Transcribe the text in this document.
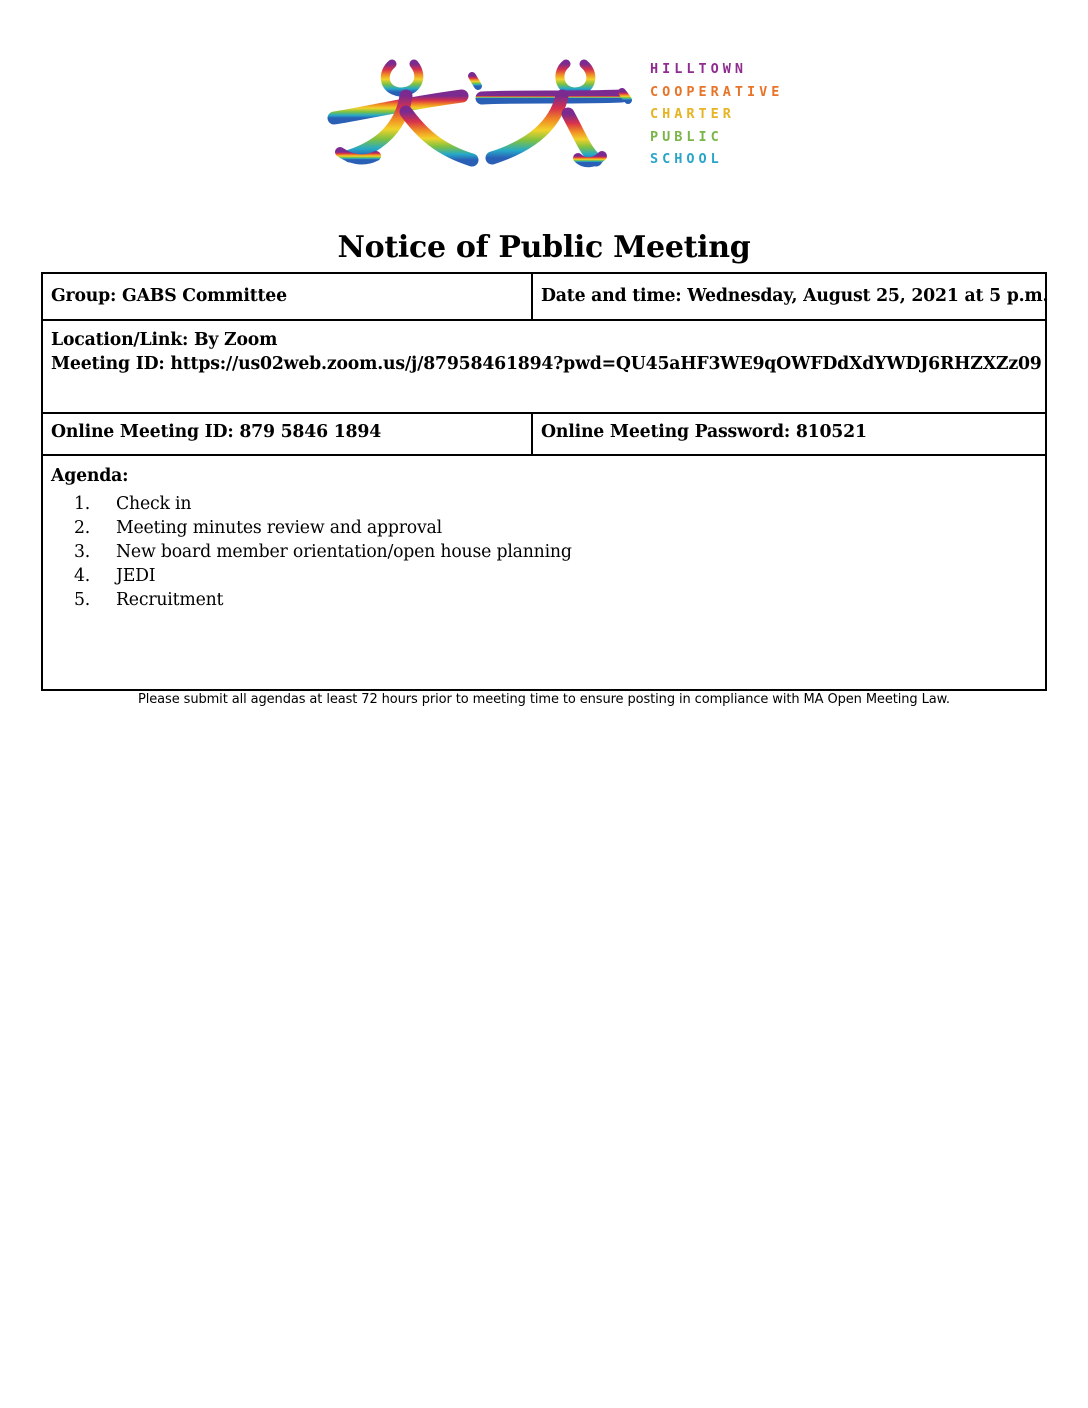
HILLTOWN
COOPERATIVE
CHARTER
PUBLIC
SCHOOL
Notice of Public Meeting
Group: GABS Committee	Date and time: Wednesday, August 25, 2021 at 5 p.m.
Location/Link: By Zoom
Meeting ID: https://us02web.zoom.us/j/87958461894?pwd=QU45aHF3WE9qOWFDdXdYWDJ6RHZXZz09
Online Meeting ID: 879 5846 1894	Online Meeting Password: 810521
Agenda:
1. Check in
2. Meeting minutes review and approval
3. New board member orientation/open house planning
4. JEDI
5. Recruitment
Please submit all agendas at least 72 hours prior to meeting time to ensure posting in compliance with MA Open Meeting Law.
